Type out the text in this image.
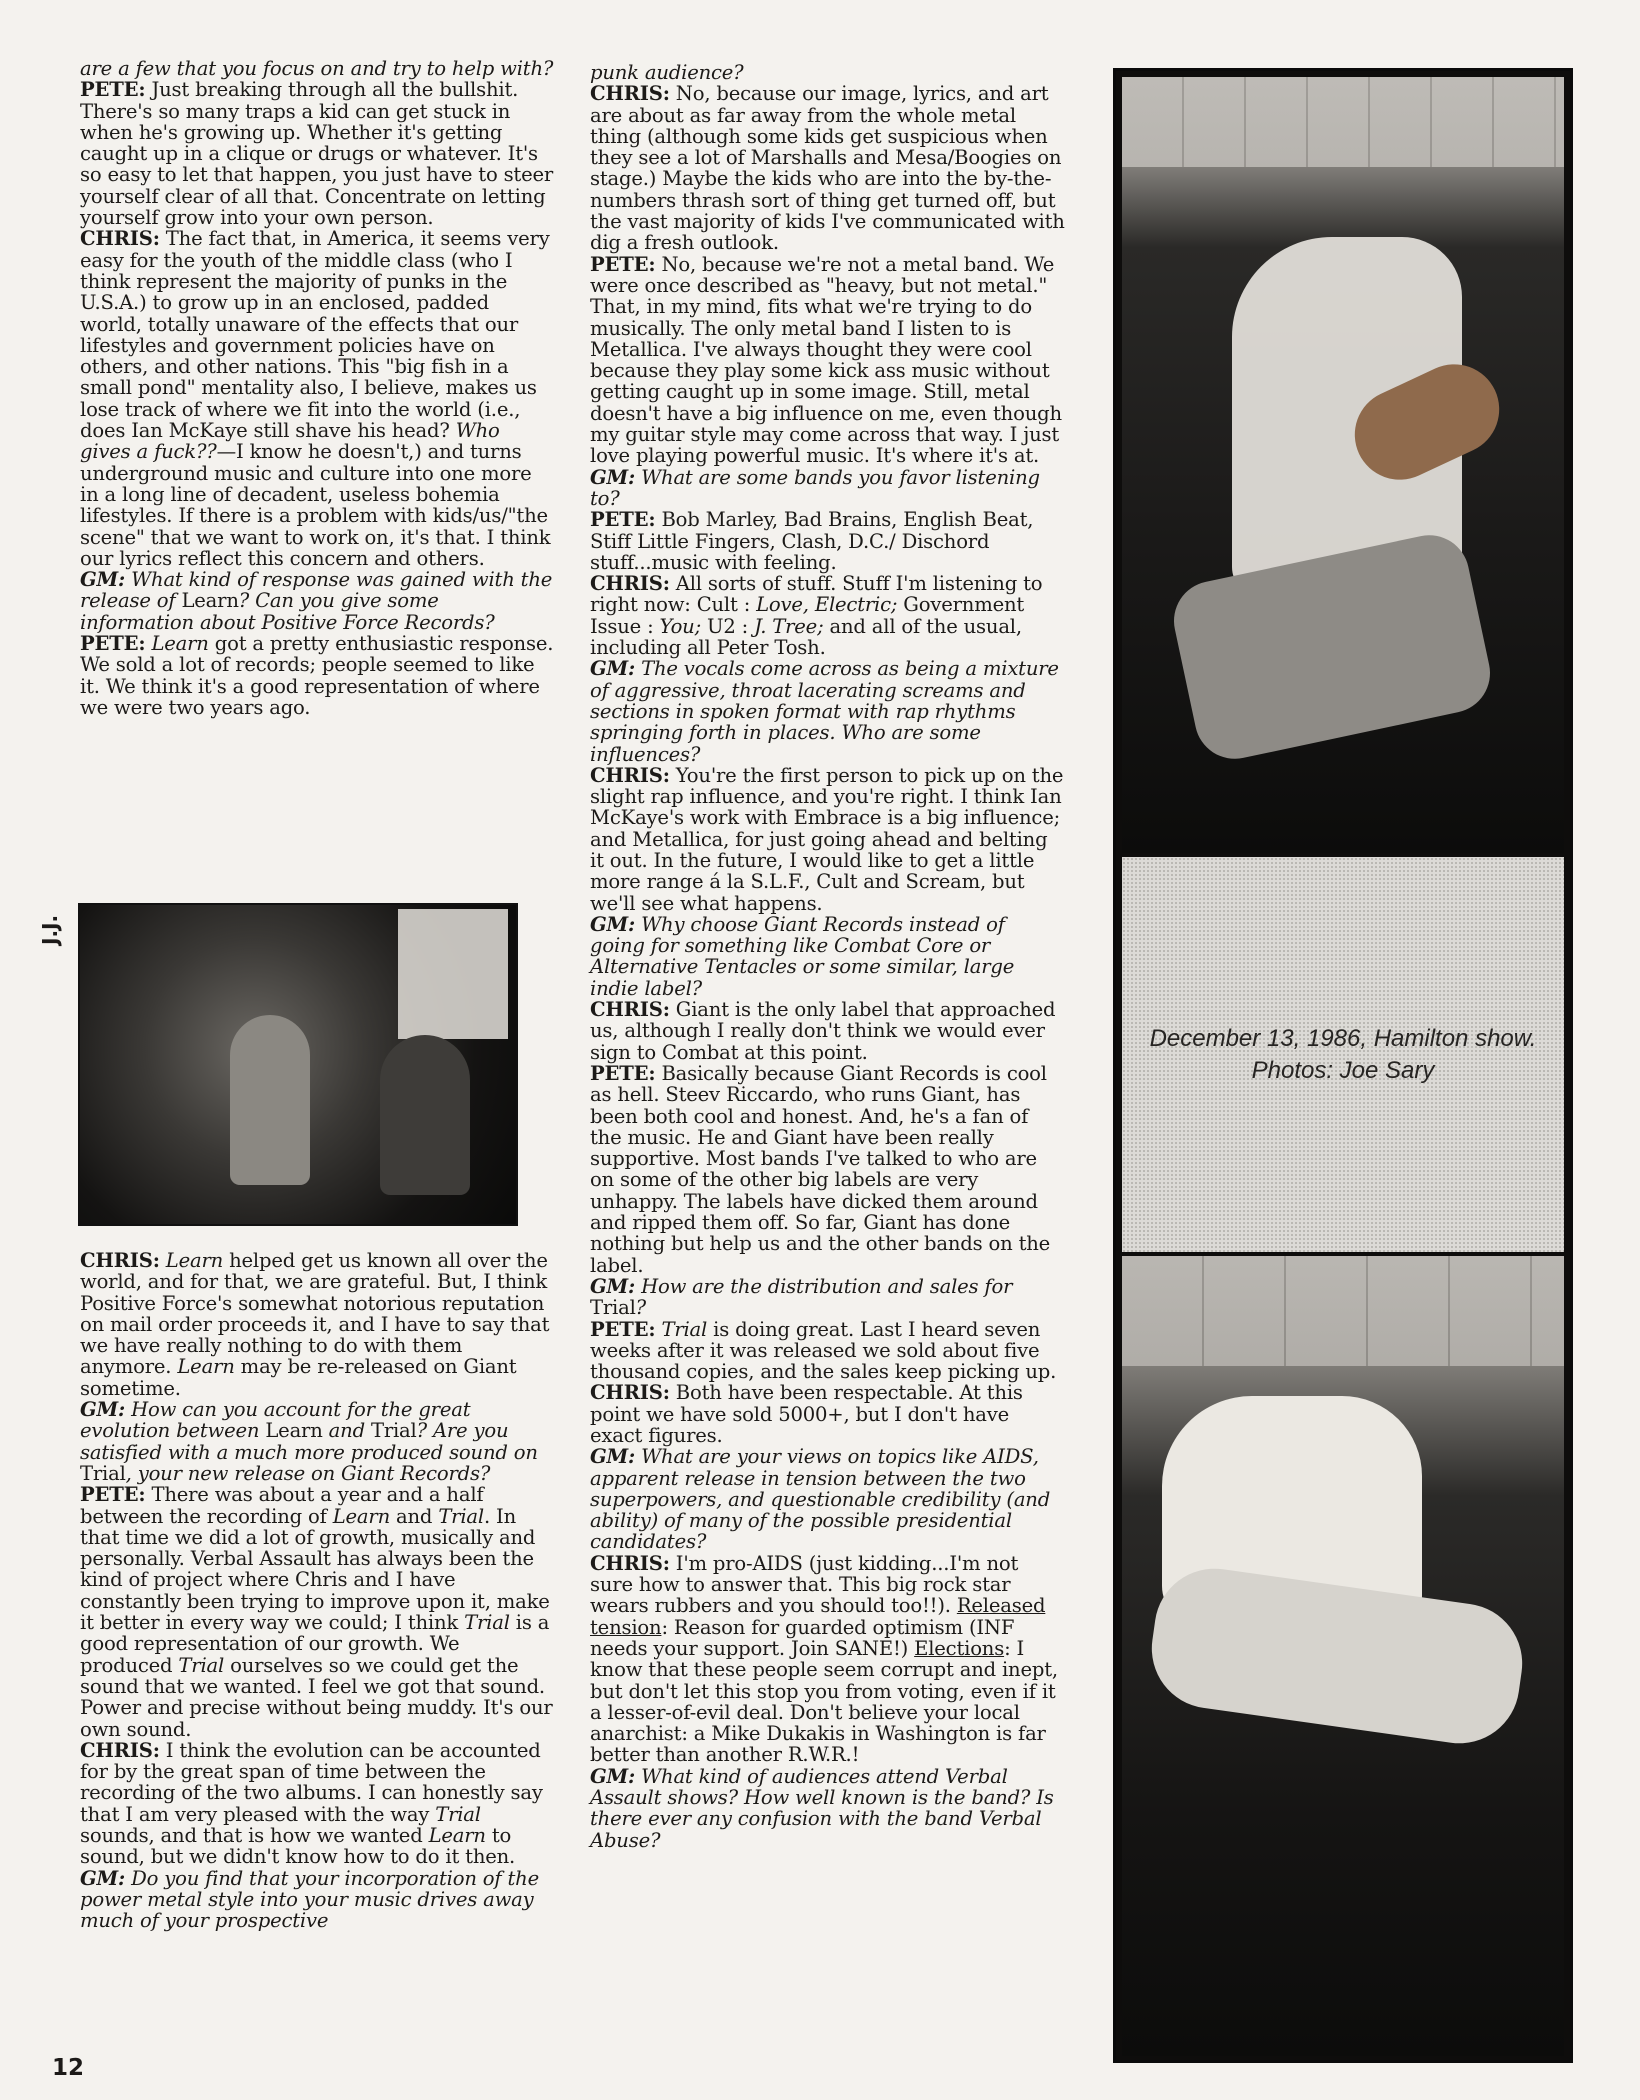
are a few that you focus on and try to help with?
PETE: Just breaking through all the bullshit. There's so many traps a kid can get stuck in when he's growing up. Whether it's getting caught up in a clique or drugs or whatever. It's so easy to let that happen, you just have to steer yourself clear of all that. Concentrate on letting yourself grow into your own person.
CHRIS: The fact that, in America, it seems very easy for the youth of the middle class (who I think represent the majority of punks in the U.S.A.) to grow up in an enclosed, padded world, totally unaware of the effects that our lifestyles and government policies have on others, and other nations. This "big fish in a small pond" mentality also, I believe, makes us lose track of where we fit into the world (i.e., does Ian McKaye still shave his head? Who gives a fuck??—I know he doesn't,) and turns underground music and culture into one more in a long line of decadent, useless bohemia lifestyles. If there is a problem with kids/us/"the scene" that we want to work on, it's that. I think our lyrics reflect this concern and others.
GM: What kind of response was gained with the release of Learn? Can you give some information about Positive Force Records?
PETE: Learn got a pretty enthusiastic response. We sold a lot of records; people seemed to like it. We think it's a good representation of where we were two years ago.

J.J.

CHRIS: Learn helped get us known all over the world, and for that, we are grateful. But, I think Positive Force's somewhat notorious reputation on mail order proceeds it, and I have to say that we have really nothing to do with them anymore. Learn may be re-released on Giant sometime.
GM: How can you account for the great evolution between Learn and Trial? Are you satisfied with a much more produced sound on Trial, your new release on Giant Records?
PETE: There was about a year and a half between the recording of Learn and Trial. In that time we did a lot of growth, musically and personally. Verbal Assault has always been the kind of project where Chris and I have constantly been trying to improve upon it, make it better in every way we could; I think Trial is a good representation of our growth. We produced Trial ourselves so we could get the sound that we wanted. I feel we got that sound. Power and precise without being muddy. It's our own sound.
CHRIS: I think the evolution can be accounted for by the great span of time between the recording of the two albums. I can honestly say that I am very pleased with the way Trial sounds, and that is how we wanted Learn to sound, but we didn't know how to do it then.
GM: Do you find that your incorporation of the power metal style into your music drives away much of your prospective

punk audience?
CHRIS: No, because our image, lyrics, and art are about as far away from the whole metal thing (although some kids get suspicious when they see a lot of Marshalls and Mesa/Boogies on stage.) Maybe the kids who are into the by-the-numbers thrash sort of thing get turned off, but the vast majority of kids I've communicated with dig a fresh outlook.
PETE: No, because we're not a metal band. We were once described as "heavy, but not metal." That, in my mind, fits what we're trying to do musically. The only metal band I listen to is Metallica. I've always thought they were cool because they play some kick ass music without getting caught up in some image. Still, metal doesn't have a big influence on me, even though my guitar style may come across that way. I just love playing powerful music. It's where it's at.
GM: What are some bands you favor listening to?
PETE: Bob Marley, Bad Brains, English Beat, Stiff Little Fingers, Clash, D.C./ Dischord stuff...music with feeling.
CHRIS: All sorts of stuff. Stuff I'm listening to right now: Cult : Love, Electric; Government Issue : You; U2 : J. Tree; and all of the usual, including all Peter Tosh.
GM: The vocals come across as being a mixture of aggressive, throat lacerating screams and sections in spoken format with rap rhythms springing forth in places. Who are some influences?
CHRIS: You're the first person to pick up on the slight rap influence, and you're right. I think Ian McKaye's work with Embrace is a big influence; and Metallica, for just going ahead and belting it out. In the future, I would like to get a little more range á la S.L.F., Cult and Scream, but we'll see what happens.
GM: Why choose Giant Records instead of going for something like Combat Core or Alternative Tentacles or some similar, large indie label?
CHRIS: Giant is the only label that approached us, although I really don't think we would ever sign to Combat at this point.
PETE: Basically because Giant Records is cool as hell. Steev Riccardo, who runs Giant, has been both cool and honest. And, he's a fan of the music. He and Giant have been really supportive. Most bands I've talked to who are on some of the other big labels are very unhappy. The labels have dicked them around and ripped them off. So far, Giant has done nothing but help us and the other bands on the label.
GM: How are the distribution and sales for Trial?
PETE: Trial is doing great. Last I heard seven weeks after it was released we sold about five thousand copies, and the sales keep picking up.
CHRIS: Both have been respectable. At this point we have sold 5000+, but I don't have exact figures.
GM: What are your views on topics like AIDS, apparent release in tension between the two superpowers, and questionable credibility (and ability) of many of the possible presidential candidates?
CHRIS: I'm pro-AIDS (just kidding...I'm not sure how to answer that. This big rock star wears rubbers and you should too!!). Released tension: Reason for guarded optimism (INF needs your support. Join SANE!) Elections: I know that these people seem corrupt and inept, but don't let this stop you from voting, even if it a lesser-of-evil deal. Don't believe your local anarchist: a Mike Dukakis in Washington is far better than another R.W.R.!
GM: What kind of audiences attend Verbal Assault shows? How well known is the band? Is there ever any confusion with the band Verbal Abuse?

December 13, 1986, Hamilton show.
Photos: Joe Sary
12
